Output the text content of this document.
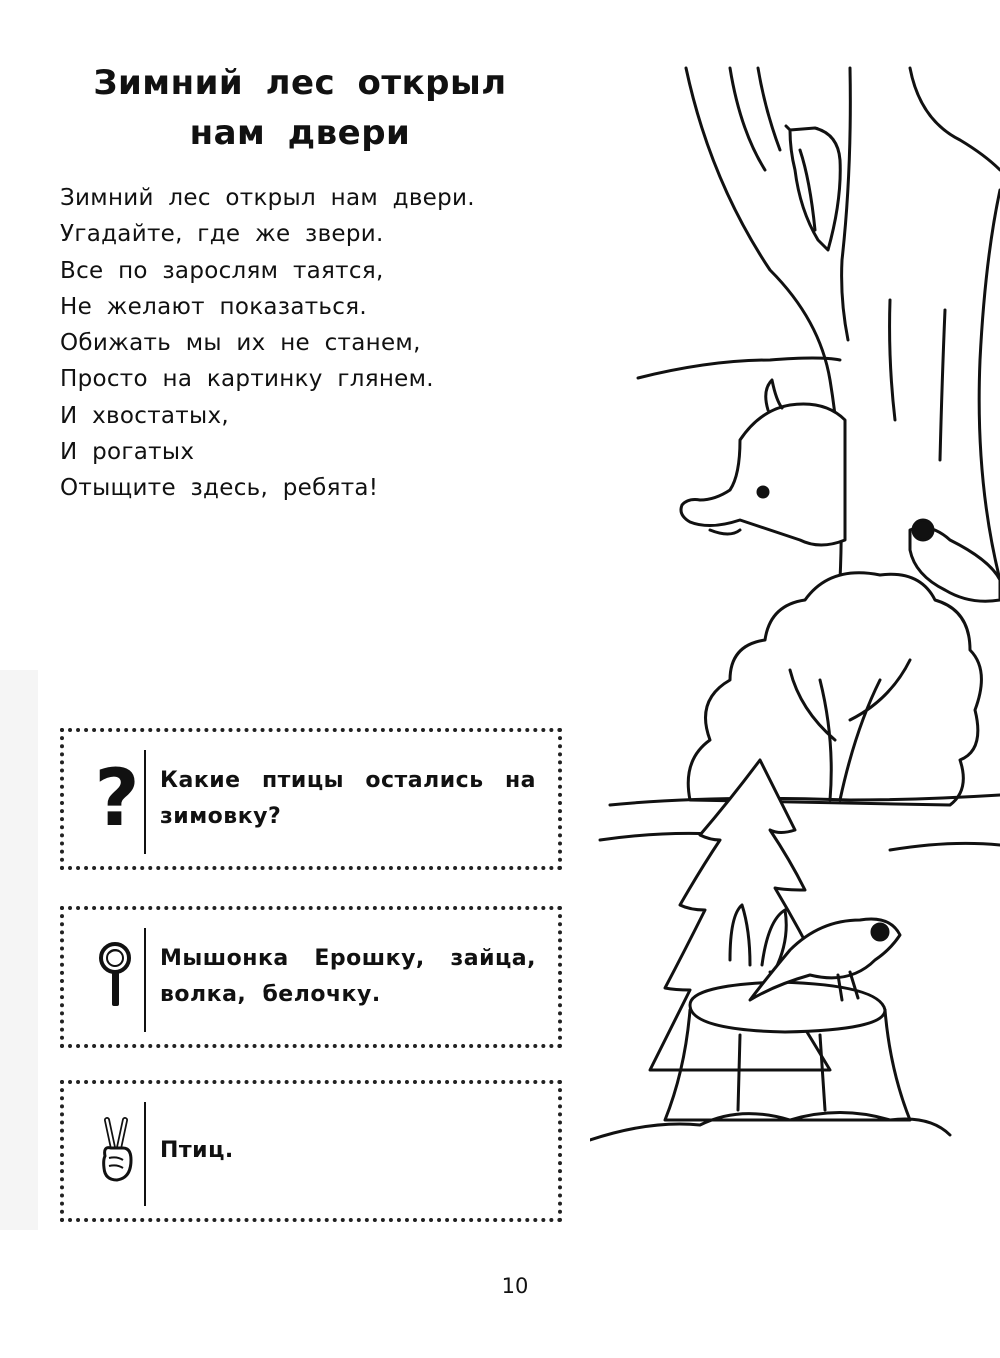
Зимний лес открыл
нам двери
Зимний лес открыл нам двери.
Угадайте, где же звери.
Все по зарослям таятся,
Не желают показаться.
Обижать мы их не станем,
Просто на картинку глянем.
И хвостатых,
И рогатых
Отыщите здесь, ребята!
? Какие птицы остались на зимовку?
Мышонка Ерошку, зайца, волка, белочку.
Птиц.
10
